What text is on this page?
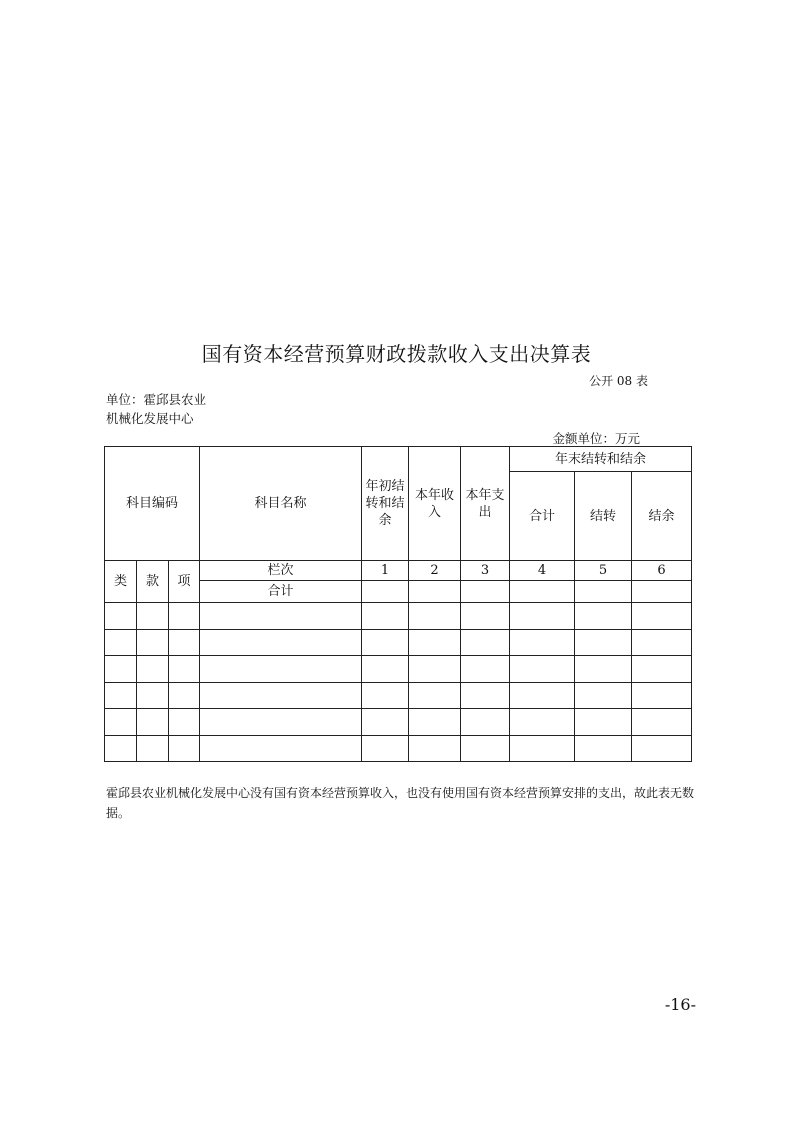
国有资本经营预算财政拨款收入支出决算表
公开 08 表
单位：霍邱县农业机械化发展中心
金额单位：万元
科目编码			科目名称	年初结转和结余	本年收入	本年支出	年末结转和结余		
							合计	结转	结余
类	款	项	栏次	1	2	3	4	5	6
			合计						

霍邱县农业机械化发展中心没有国有资本经营预算收入，也没有使用国有资本经营预算安排的支出，故此表无数据。
-16-
